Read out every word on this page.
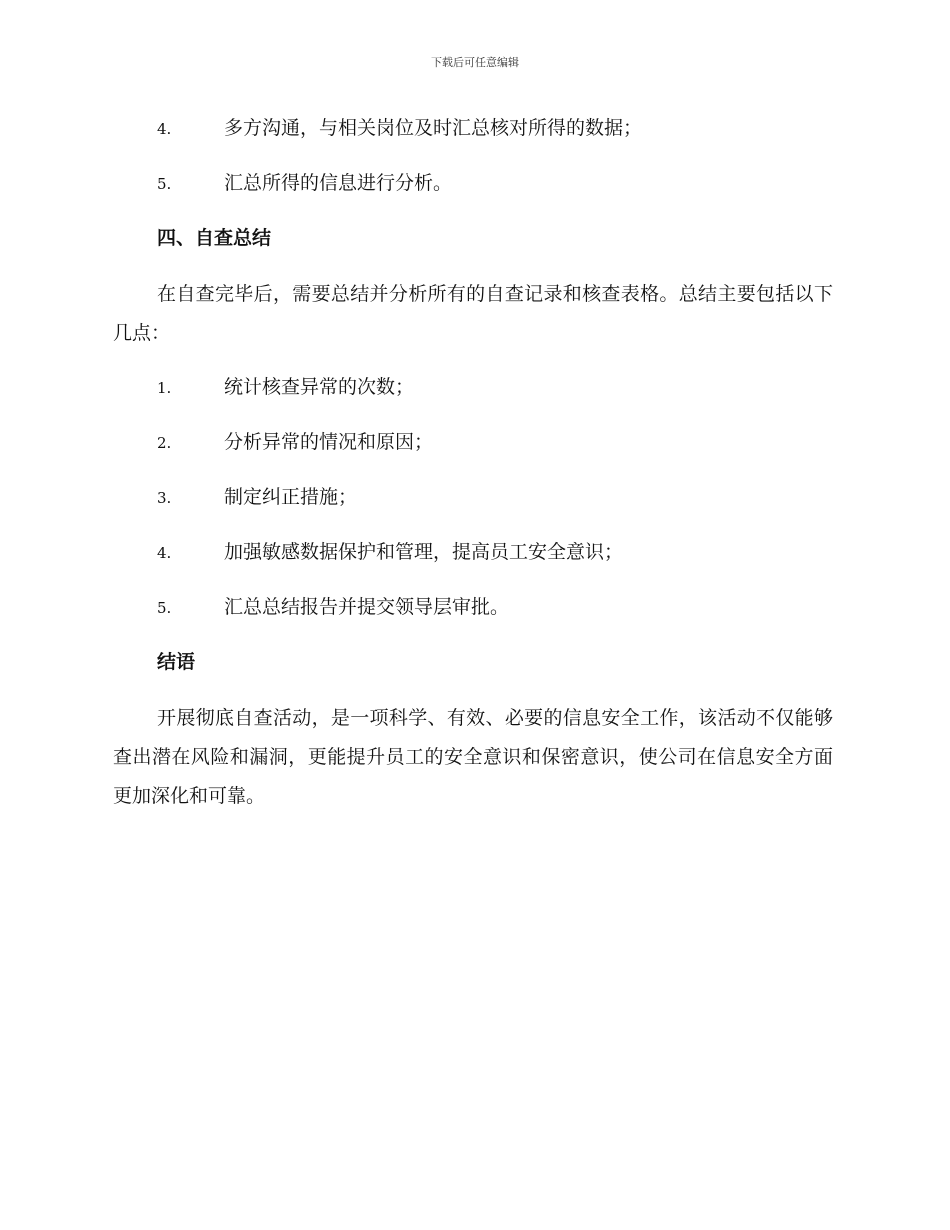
下载后可任意编辑
4.	多方沟通，与相关岗位及时汇总核对所得的数据；
5.	汇总所得的信息进行分析。
四、自查总结

在自查完毕后，需要总结并分析所有的自查记录和核查表格。总结主要包括以下几点：

1.	统计核查异常的次数；
2.	分析异常的情况和原因；
3.	制定纠正措施；
4.	加强敏感数据保护和管理，提高员工安全意识；
5.	汇总总结报告并提交领导层审批。
结语

开展彻底自查活动，是一项科学、有效、必要的信息安全工作，该活动不仅能够查出潜在风险和漏洞，更能提升员工的安全意识和保密意识，使公司在信息安全方面更加深化和可靠。
